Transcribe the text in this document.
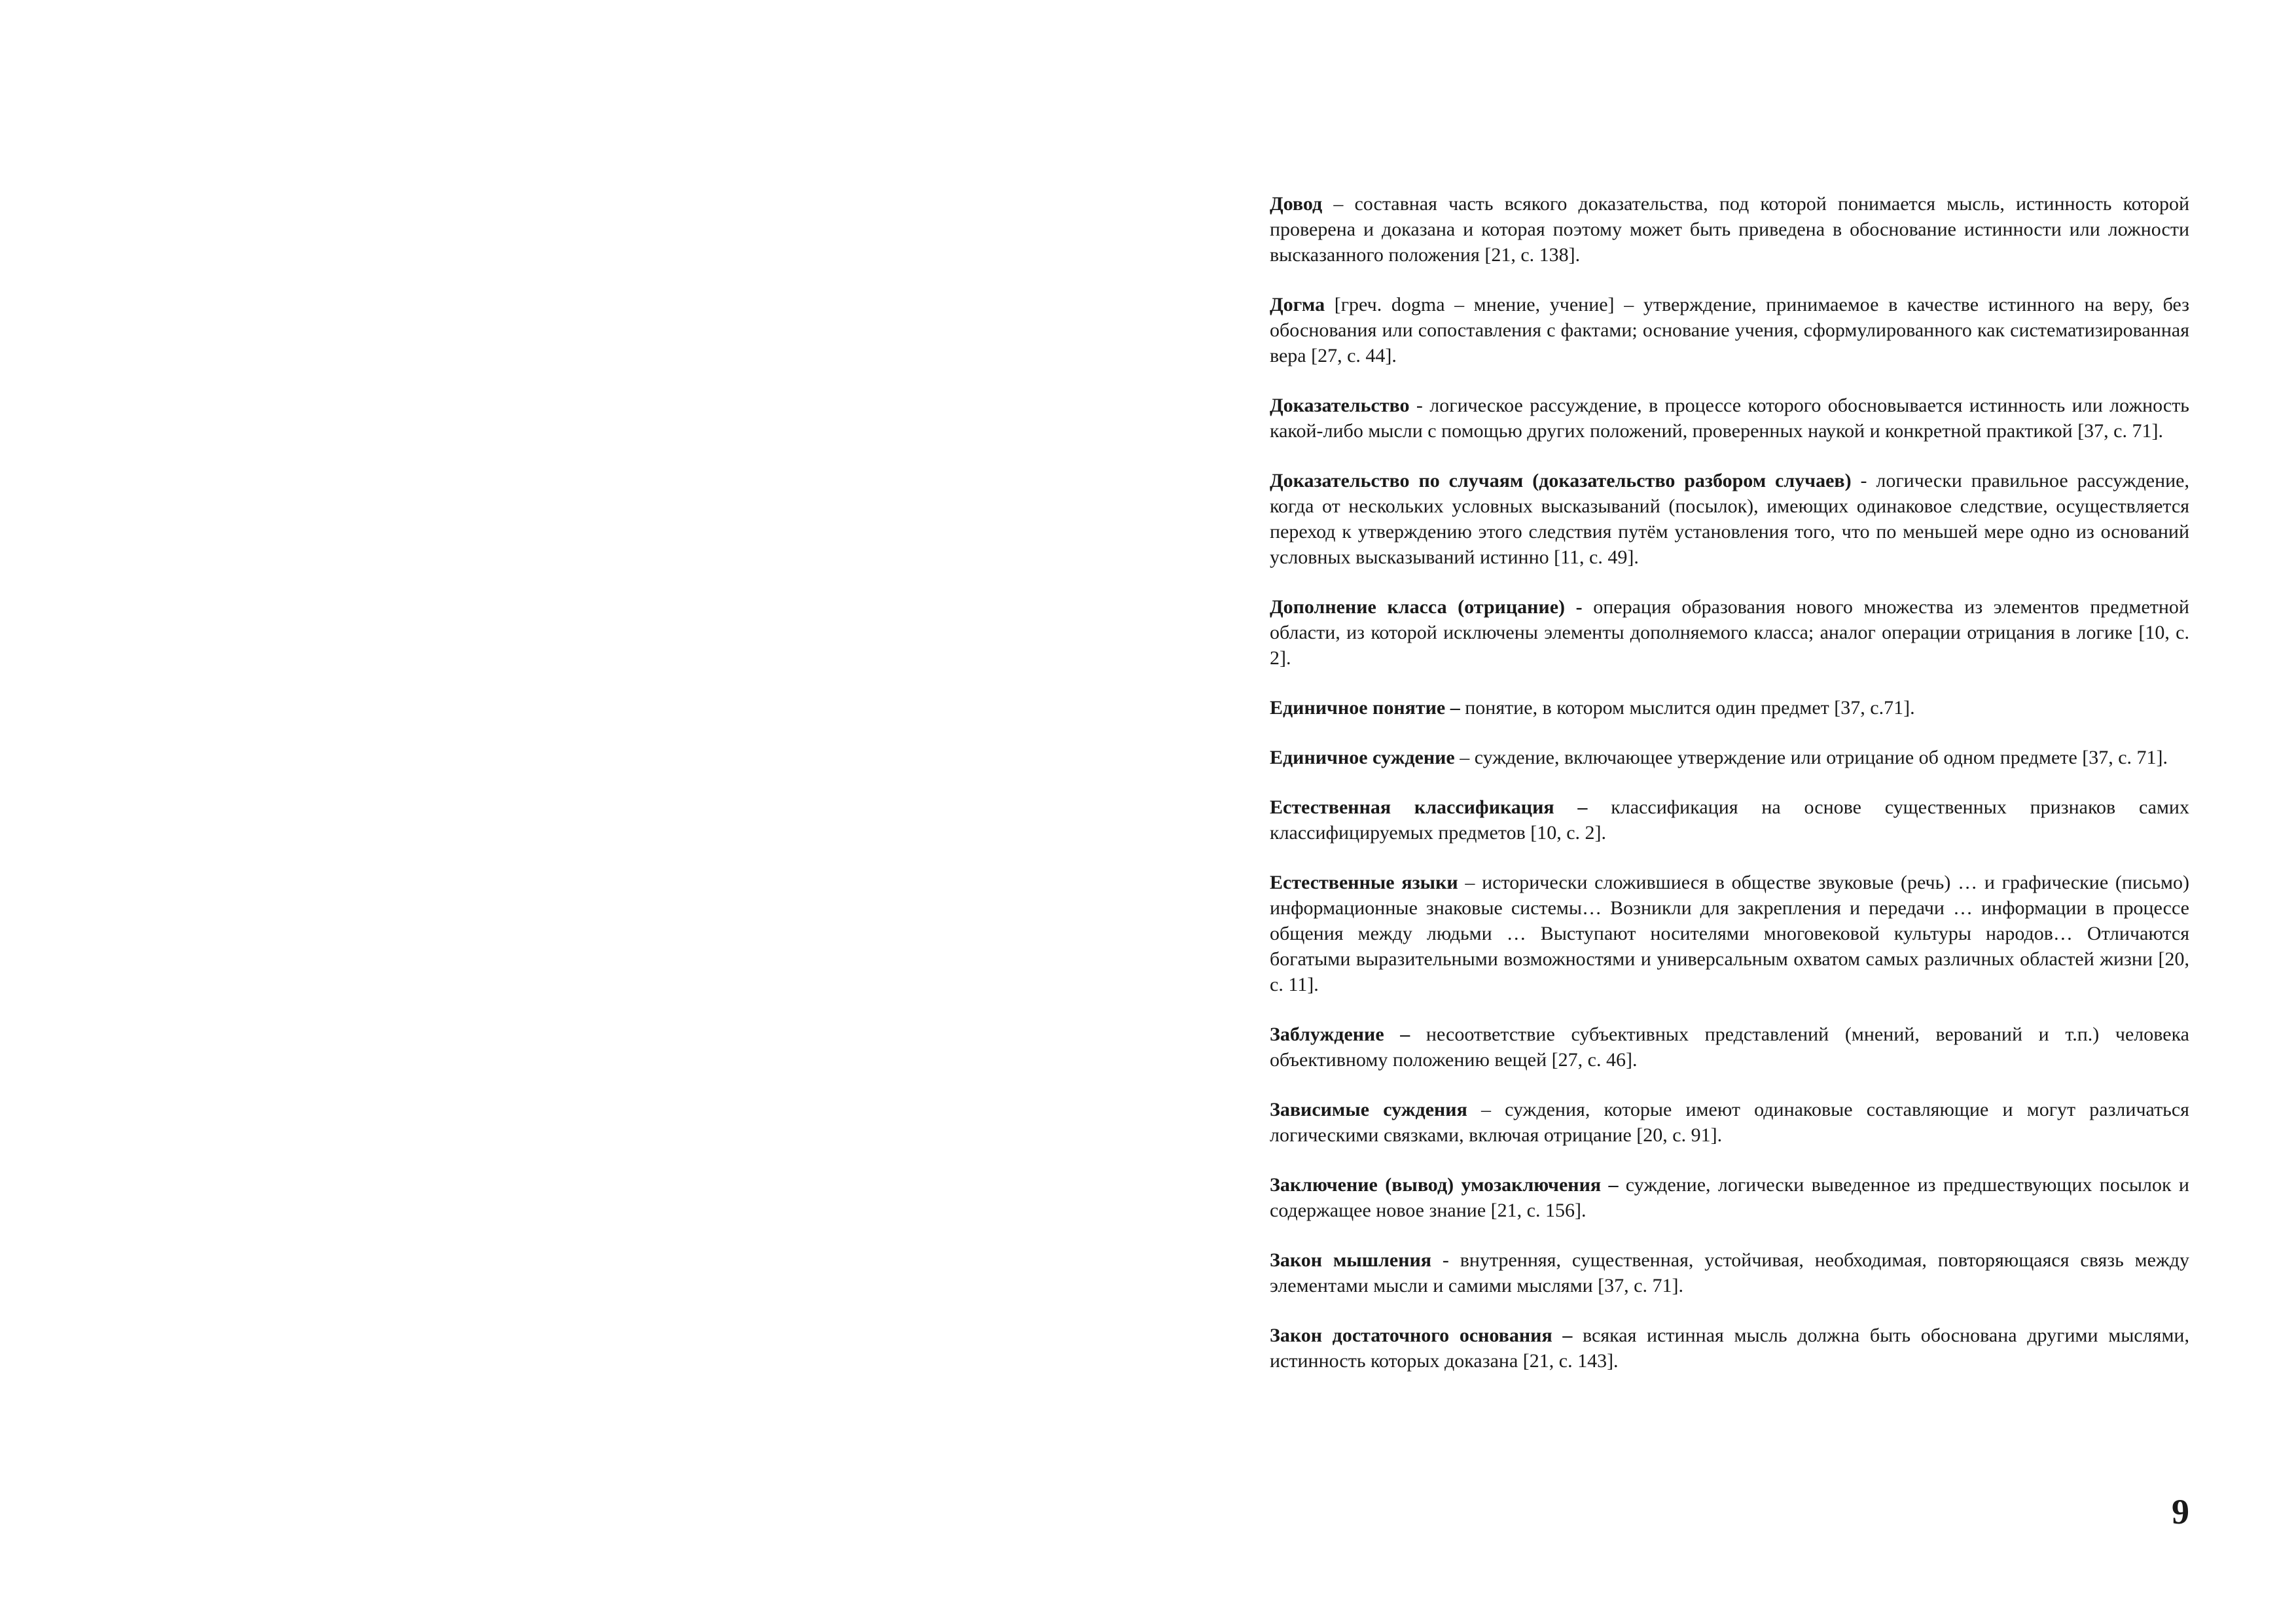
Довод – составная часть всякого доказательства, под которой понимается мысль, истинность которой проверена и доказана и которая поэтому может быть приведена в обоснование истинности или ложности высказанного положения [21, с. 138].

Догма [греч. dogma – мнение, учение] – утверждение, принимаемое в качестве истинного на веру, без обоснования или сопоставления с фактами; основание учения, сформулированного как систематизированная вера [27, с. 44].

Доказательство - логическое рассуждение, в процессе которого обосновывается истинность или ложность какой-либо мысли с помощью других положений, проверенных наукой и конкретной практикой [37, с. 71].

Доказательство по случаям (доказательство разбором случаев) - логически правильное рассуждение, когда от нескольких условных высказываний (посылок), имеющих одинаковое следствие, осуществляется переход к утверждению этого следствия путём установления того, что по меньшей мере одно из оснований условных высказываний истинно [11, с. 49].

Дополнение класса (отрицание) - операция образования нового множества из элементов предметной области, из которой исключены элементы дополняемого класса; аналог операции отрицания в логике [10, с. 2].

Единичное понятие – понятие, в котором мыслится один предмет [37, с.71].

Единичное суждение – суждение, включающее утверждение или отрицание об одном предмете [37, с. 71].

Естественная классификация – классификация на основе существенных признаков самих классифицируемых предметов [10, с. 2].

Естественные языки – исторически сложившиеся в обществе звуковые (речь) … и графические (письмо) информационные знаковые системы… Возникли для закрепления и передачи … информации в процессе общения между людьми … Выступают носителями многовековой культуры народов… Отличаются богатыми выразительными возможностями и универсальным охватом самых различных областей жизни [20, с. 11].

Заблуждение – несоответствие субъективных представлений (мнений, верований и т.п.) человека объективному положению вещей [27, с. 46].

Зависимые суждения – суждения, которые имеют одинаковые составляющие и могут различаться логическими связками, включая отрицание [20, с. 91].

Заключение (вывод) умозаключения – суждение, логически выведенное из предшествующих посылок и содержащее новое знание [21, с. 156].

Закон мышления - внутренняя, существенная, устойчивая, необходимая, повторяющаяся связь между элементами мысли и самими мыслями [37, с. 71].

Закон достаточного основания – всякая истинная мысль должна быть обоснована другими мыслями, истинность которых доказана [21, с. 143].

9
